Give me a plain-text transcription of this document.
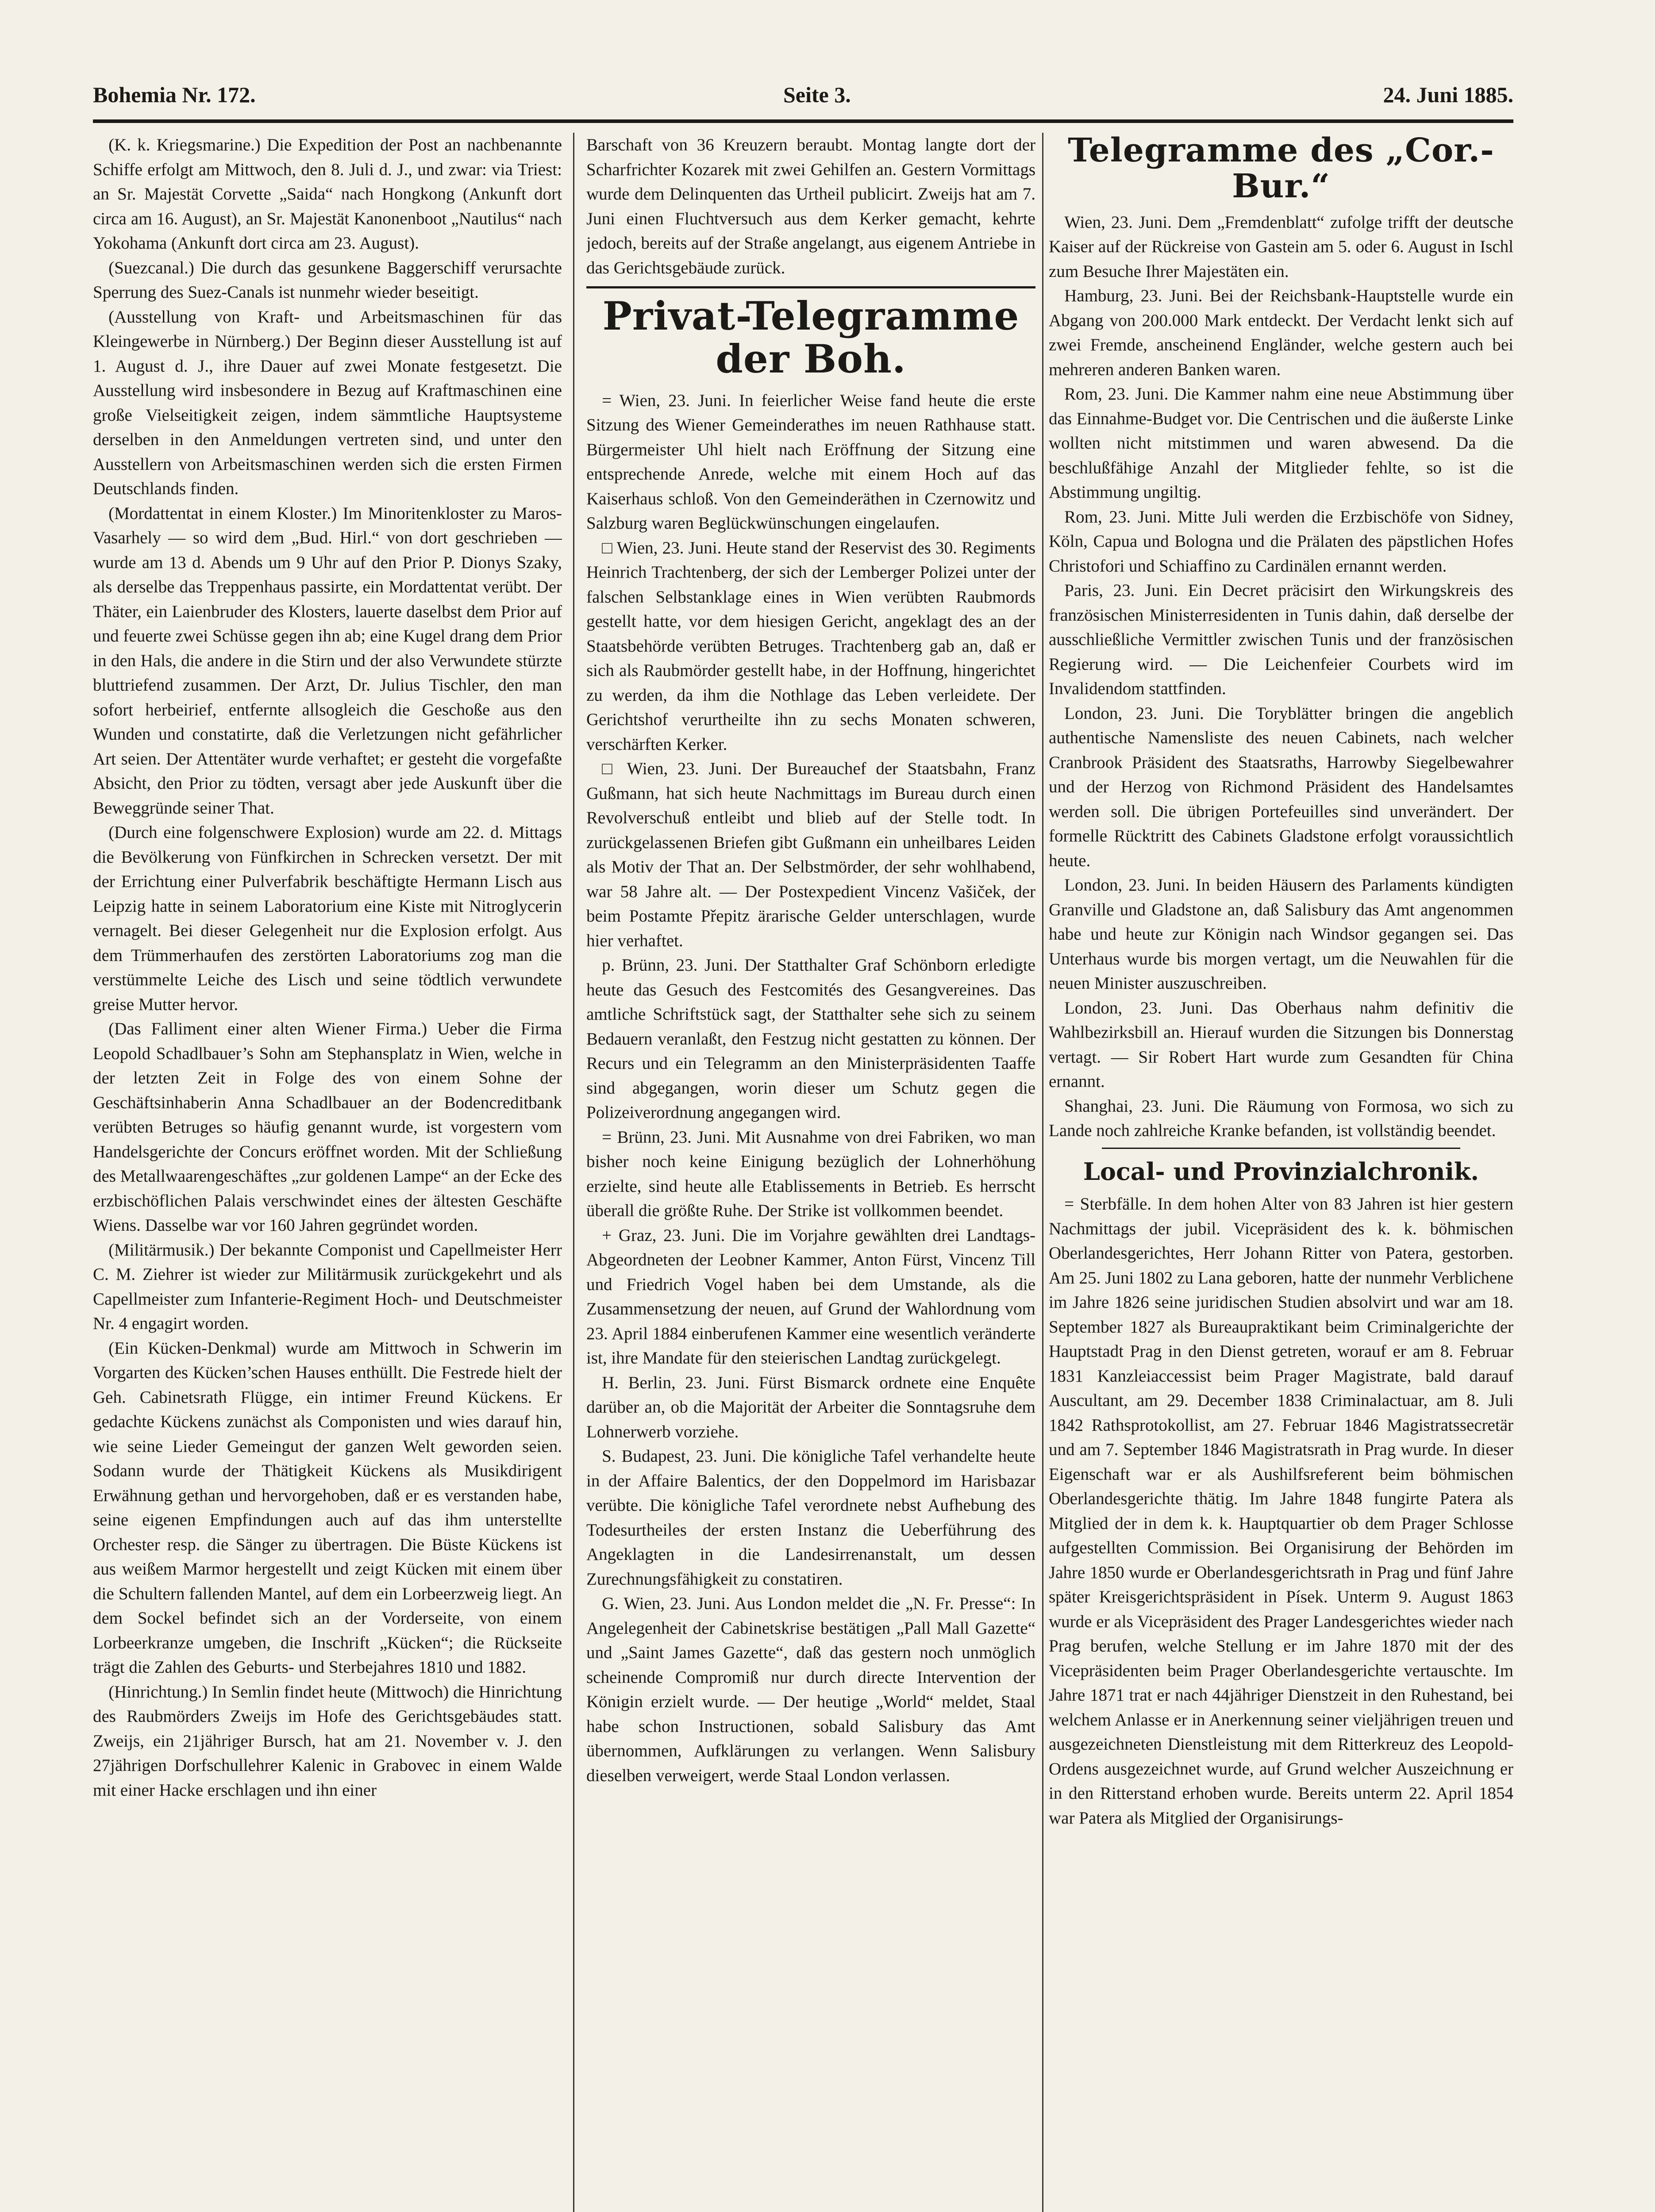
Bohemia Nr. 172.	Seite 3.	24. Juni 1885.
(K. k. Kriegsmarine.) Die Expedition der Post an nachbenannte Schiffe erfolgt am Mittwoch, den 8. Juli d. J., und zwar: via Triest: an Sr. Majestät Corvette „Saida“ nach Hongkong (Ankunft dort circa am 16. August), an Sr. Majestät Kanonenboot „Nautilus“ nach Yokohama (Ankunft dort circa am 23. August).
(Suezcanal.) Die durch das gesunkene Baggerschiff verursachte Sperrung des Suez-Canals ist nunmehr wieder beseitigt.
(Ausstellung von Kraft- und Arbeitsmaschinen für das Kleingewerbe in Nürnberg.) Der Beginn dieser Ausstellung ist auf 1. August d. J., ihre Dauer auf zwei Monate festgesetzt. Die Ausstellung wird insbesondere in Bezug auf Kraftmaschinen eine große Vielseitigkeit zeigen, indem sämmtliche Hauptsysteme derselben in den Anmeldungen vertreten sind, und unter den Ausstellern von Arbeitsmaschinen werden sich die ersten Firmen Deutschlands finden.
(Mordattentat in einem Kloster.) Im Minoritenkloster zu Maros-Vasarhely — so wird dem „Bud. Hirl.“ von dort geschrieben — wurde am 13 d. Abends um 9 Uhr auf den Prior P. Dionys Szaky, als derselbe das Treppenhaus passirte, ein Mordattentat verübt. Der Thäter, ein Laienbruder des Klosters, lauerte daselbst dem Prior auf und feuerte zwei Schüsse gegen ihn ab; eine Kugel drang dem Prior in den Hals, die andere in die Stirn und der also Verwundete stürzte bluttriefend zusammen. Der Arzt, Dr. Julius Tischler, den man sofort herbeirief, entfernte allsogleich die Geschoße aus den Wunden und constatirte, daß die Verletzungen nicht gefährlicher Art seien. Der Attentäter wurde verhaftet; er gesteht die vorgefaßte Absicht, den Prior zu tödten, versagt aber jede Auskunft über die Beweggründe seiner That.
(Durch eine folgenschwere Explosion) wurde am 22. d. Mittags die Bevölkerung von Fünfkirchen in Schrecken versetzt. Der mit der Errichtung einer Pulverfabrik beschäftigte Hermann Lisch aus Leipzig hatte in seinem Laboratorium eine Kiste mit Nitroglycerin vernagelt. Bei dieser Gelegenheit nur die Explosion erfolgt. Aus dem Trümmerhaufen des zerstörten Laboratoriums zog man die verstümmelte Leiche des Lisch und seine tödtlich verwundete greise Mutter hervor.
(Das Falliment einer alten Wiener Firma.) Ueber die Firma Leopold Schadlbauer’s Sohn am Stephansplatz in Wien, welche in der letzten Zeit in Folge des von einem Sohne der Geschäftsinhaberin Anna Schadlbauer an der Bodencreditbank verübten Betruges so häufig genannt wurde, ist vorgestern vom Handelsgerichte der Concurs eröffnet worden. Mit der Schließung des Metallwaarengeschäftes „zur goldenen Lampe“ an der Ecke des erzbischöflichen Palais verschwindet eines der ältesten Geschäfte Wiens. Dasselbe war vor 160 Jahren gegründet worden.
(Militärmusik.) Der bekannte Componist und Capellmeister Herr C. M. Ziehrer ist wieder zur Militärmusik zurückgekehrt und als Capellmeister zum Infanterie-Regiment Hoch- und Deutschmeister Nr. 4 engagirt worden.
(Ein Kücken-Denkmal) wurde am Mittwoch in Schwerin im Vorgarten des Kücken’schen Hauses enthüllt. Die Festrede hielt der Geh. Cabinetsrath Flügge, ein intimer Freund Kückens. Er gedachte Kückens zunächst als Componisten und wies darauf hin, wie seine Lieder Gemeingut der ganzen Welt geworden seien. Sodann wurde der Thätigkeit Kückens als Musikdirigent Erwähnung gethan und hervorgehoben, daß er es verstanden habe, seine eigenen Empfindungen auch auf das ihm unterstellte Orchester resp. die Sänger zu übertragen. Die Büste Kückens ist aus weißem Marmor hergestellt und zeigt Kücken mit einem über die Schultern fallenden Mantel, auf dem ein Lorbeerzweig liegt. An dem Sockel befindet sich an der Vorderseite, von einem Lorbeerkranze umgeben, die Inschrift „Kücken“; die Rückseite trägt die Zahlen des Geburts- und Sterbejahres 1810 und 1882.
(Hinrichtung.) In Semlin findet heute (Mittwoch) die Hinrichtung des Raubmörders Zweijs im Hofe des Gerichtsgebäudes statt. Zweijs, ein 21jähriger Bursch, hat am 21. November v. J. den 27jährigen Dorfschullehrer Kalenic in Grabovec in einem Walde mit einer Hacke erschlagen und ihn einer
Barschaft von 36 Kreuzern beraubt. Montag langte dort der Scharfrichter Kozarek mit zwei Gehilfen an. Gestern Vormittags wurde dem Delinquenten das Urtheil publicirt. Zweijs hat am 7. Juni einen Fluchtversuch aus dem Kerker gemacht, kehrte jedoch, bereits auf der Straße angelangt, aus eigenem Antriebe in das Gerichtsgebäude zurück.
Privat-Telegramme der Boh.
= Wien, 23. Juni. In feierlicher Weise fand heute die erste Sitzung des Wiener Gemeinderathes im neuen Rathhause statt. Bürgermeister Uhl hielt nach Eröffnung der Sitzung eine entsprechende Anrede, welche mit einem Hoch auf das Kaiserhaus schloß. Von den Gemeinderäthen in Czernowitz und Salzburg waren Beglückwünschungen eingelaufen.
□ Wien, 23. Juni. Heute stand der Reservist des 30. Regiments Heinrich Trachtenberg, der sich der Lemberger Polizei unter der falschen Selbstanklage eines in Wien verübten Raubmords gestellt hatte, vor dem hiesigen Gericht, angeklagt des an der Staatsbehörde verübten Betruges. Trachtenberg gab an, daß er sich als Raubmörder gestellt habe, in der Hoffnung, hingerichtet zu werden, da ihm die Nothlage das Leben verleidete. Der Gerichtshof verurtheilte ihn zu sechs Monaten schweren, verschärften Kerker.
□ Wien, 23. Juni. Der Bureauchef der Staatsbahn, Franz Gußmann, hat sich heute Nachmittags im Bureau durch einen Revolverschuß entleibt und blieb auf der Stelle todt. In zurückgelassenen Briefen gibt Gußmann ein unheilbares Leiden als Motiv der That an. Der Selbstmörder, der sehr wohlhabend, war 58 Jahre alt. — Der Postexpedient Vincenz Vašiček, der beim Postamte Přepitz ärarische Gelder unterschlagen, wurde hier verhaftet.
p. Brünn, 23. Juni. Der Statthalter Graf Schönborn erledigte heute das Gesuch des Festcomités des Gesangvereines. Das amtliche Schriftstück sagt, der Statthalter sehe sich zu seinem Bedauern veranlaßt, den Festzug nicht gestatten zu können. Der Recurs und ein Telegramm an den Ministerpräsidenten Taaffe sind abgegangen, worin dieser um Schutz gegen die Polizeiverordnung angegangen wird.
= Brünn, 23. Juni. Mit Ausnahme von drei Fabriken, wo man bisher noch keine Einigung bezüglich der Lohnerhöhung erzielte, sind heute alle Etablissements in Betrieb. Es herrscht überall die größte Ruhe. Der Strike ist vollkommen beendet.
+ Graz, 23. Juni. Die im Vorjahre gewählten drei Landtags-Abgeordneten der Leobner Kammer, Anton Fürst, Vincenz Till und Friedrich Vogel haben bei dem Umstande, als die Zusammensetzung der neuen, auf Grund der Wahlordnung vom 23. April 1884 einberufenen Kammer eine wesentlich veränderte ist, ihre Mandate für den steierischen Landtag zurückgelegt.
H. Berlin, 23. Juni. Fürst Bismarck ordnete eine Enquête darüber an, ob die Majorität der Arbeiter die Sonntagsruhe dem Lohnerwerb vorziehe.
S. Budapest, 23. Juni. Die königliche Tafel verhandelte heute in der Affaire Balentics, der den Doppelmord im Harisbazar verübte. Die königliche Tafel verordnete nebst Aufhebung des Todesurtheiles der ersten Instanz die Ueberführung des Angeklagten in die Landesirrenanstalt, um dessen Zurechnungsfähigkeit zu constatiren.
G. Wien, 23. Juni. Aus London meldet die „N. Fr. Presse“: In Angelegenheit der Cabinetskrise bestätigen „Pall Mall Gazette“ und „Saint James Gazette“, daß das gestern noch unmöglich scheinende Compromiß nur durch directe Intervention der Königin erzielt wurde. — Der heutige „World“ meldet, Staal habe schon Instructionen, sobald Salisbury das Amt übernommen, Aufklärungen zu verlangen. Wenn Salisbury dieselben verweigert, werde Staal London verlassen.
Telegramme des „Cor.-Bur.“
Wien, 23. Juni. Dem „Fremdenblatt“ zufolge trifft der deutsche Kaiser auf der Rückreise von Gastein am 5. oder 6. August in Ischl zum Besuche Ihrer Majestäten ein.
Hamburg, 23. Juni. Bei der Reichsbank-Hauptstelle wurde ein Abgang von 200.000 Mark entdeckt. Der Verdacht lenkt sich auf zwei Fremde, anscheinend Engländer, welche gestern auch bei mehreren anderen Banken waren.
Rom, 23. Juni. Die Kammer nahm eine neue Abstimmung über das Einnahme-Budget vor. Die Centrischen und die äußerste Linke wollten nicht mitstimmen und waren abwesend. Da die beschlußfähige Anzahl der Mitglieder fehlte, so ist die Abstimmung ungiltig.
Rom, 23. Juni. Mitte Juli werden die Erzbischöfe von Sidney, Köln, Capua und Bologna und die Prälaten des päpstlichen Hofes Christofori und Schiaffino zu Cardinälen ernannt werden.
Paris, 23. Juni. Ein Decret präcisirt den Wirkungskreis des französischen Ministerresidenten in Tunis dahin, daß derselbe der ausschließliche Vermittler zwischen Tunis und der französischen Regierung wird. — Die Leichenfeier Courbets wird im Invalidendom stattfinden.
London, 23. Juni. Die Toryblätter bringen die angeblich authentische Namensliste des neuen Cabinets, nach welcher Cranbrook Präsident des Staatsraths, Harrowby Siegelbewahrer und der Herzog von Richmond Präsident des Handelsamtes werden soll. Die übrigen Portefeuilles sind unverändert. Der formelle Rücktritt des Cabinets Gladstone erfolgt voraussichtlich heute.
London, 23. Juni. In beiden Häusern des Parlaments kündigten Granville und Gladstone an, daß Salisbury das Amt angenommen habe und heute zur Königin nach Windsor gegangen sei. Das Unterhaus wurde bis morgen vertagt, um die Neuwahlen für die neuen Minister auszuschreiben.
London, 23. Juni. Das Oberhaus nahm definitiv die Wahlbezirksbill an. Hierauf wurden die Sitzungen bis Donnerstag vertagt. — Sir Robert Hart wurde zum Gesandten für China ernannt.
Shanghai, 23. Juni. Die Räumung von Formosa, wo sich zu Lande noch zahlreiche Kranke befanden, ist vollständig beendet.
Local- und Provinzialchronik.
= Sterbfälle. In dem hohen Alter von 83 Jahren ist hier gestern Nachmittags der jubil. Vicepräsident des k. k. böhmischen Oberlandesgerichtes, Herr Johann Ritter von Patera, gestorben. Am 25. Juni 1802 zu Lana geboren, hatte der nunmehr Verblichene im Jahre 1826 seine juridischen Studien absolvirt und war am 18. September 1827 als Bureaupraktikant beim Criminalgerichte der Hauptstadt Prag in den Dienst getreten, worauf er am 8. Februar 1831 Kanzleiaccessist beim Prager Magistrate, bald darauf Auscultant, am 29. December 1838 Criminalactuar, am 8. Juli 1842 Rathsprotokollist, am 27. Februar 1846 Magistratssecretär und am 7. September 1846 Magistratsrath in Prag wurde. In dieser Eigenschaft war er als Aushilfsreferent beim böhmischen Oberlandesgerichte thätig. Im Jahre 1848 fungirte Patera als Mitglied der in dem k. k. Hauptquartier ob dem Prager Schlosse aufgestellten Commission. Bei Organisirung der Behörden im Jahre 1850 wurde er Oberlandesgerichtsrath in Prag und fünf Jahre später Kreisgerichtspräsident in Písek. Unterm 9. August 1863 wurde er als Vicepräsident des Prager Landesgerichtes wieder nach Prag berufen, welche Stellung er im Jahre 1870 mit der des Vicepräsidenten beim Prager Oberlandesgerichte vertauschte. Im Jahre 1871 trat er nach 44jähriger Dienstzeit in den Ruhestand, bei welchem Anlasse er in Anerkennung seiner vieljährigen treuen und ausgezeichneten Dienstleistung mit dem Ritterkreuz des Leopold-Ordens ausgezeichnet wurde, auf Grund welcher Auszeichnung er in den Ritterstand erhoben wurde. Bereits unterm 22. April 1854 war Patera als Mitglied der Organisirungs-
